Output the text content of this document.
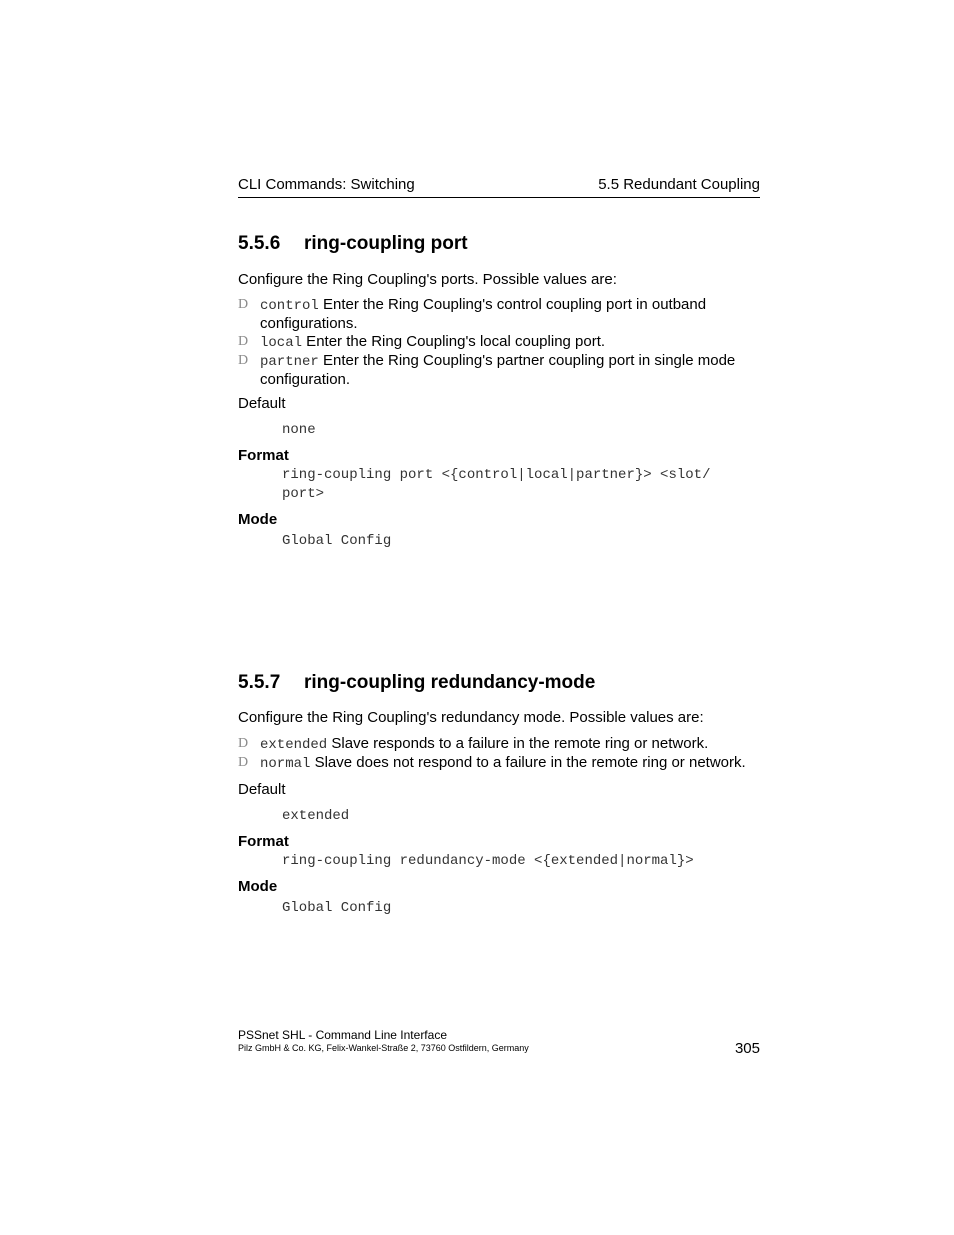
CLI Commands: Switching	5.5 Redundant Coupling
5.5.6 ring-coupling port
Configure the Ring Coupling's ports. Possible values are:
D control Enter the Ring Coupling's control coupling port in outband configurations.
D local Enter the Ring Coupling's local coupling port.
D partner Enter the Ring Coupling's partner coupling port in single mode configuration.
Default
none
Format
ring-coupling port <{control|local|partner}> <slot/
port>
Mode
Global Config
5.5.7 ring-coupling redundancy-mode
Configure the Ring Coupling's redundancy mode. Possible values are:
D extended Slave responds to a failure in the remote ring or network.
D normal Slave does not respond to a failure in the remote ring or network.
Default
extended
Format
ring-coupling redundancy-mode <{extended|normal}>
Mode
Global Config
PSSnet SHL - Command Line Interface
Pilz GmbH & Co. KG, Felix-Wankel-Straße 2, 73760 Ostfildern, Germany	305
